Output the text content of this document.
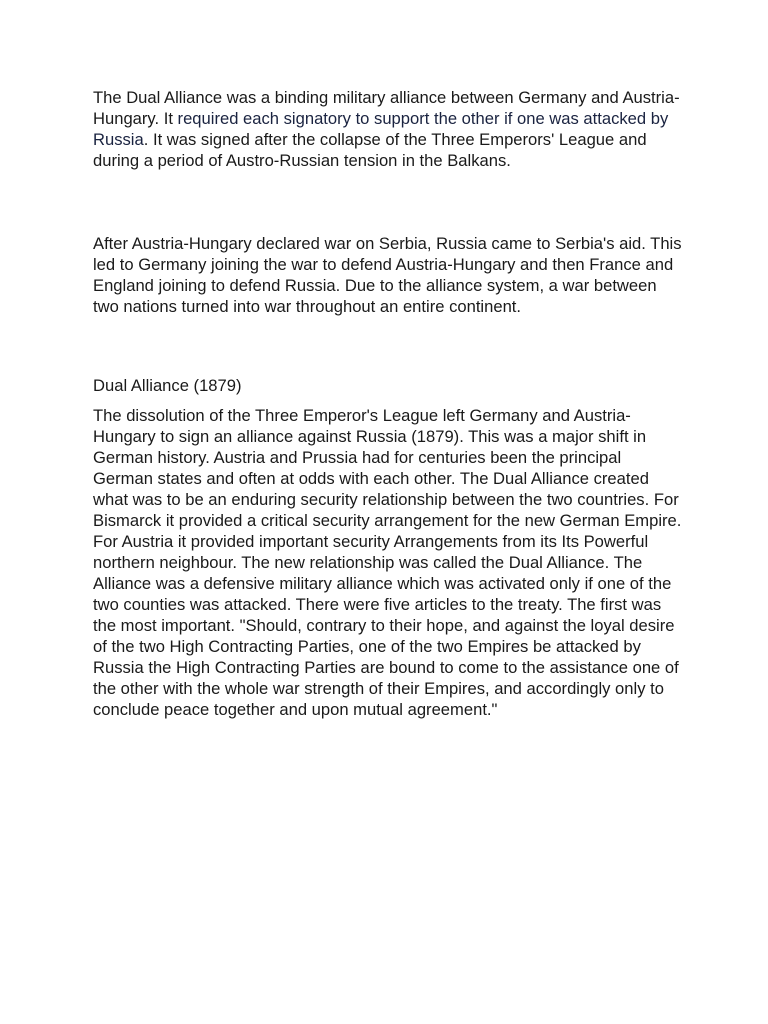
The Dual Alliance was a binding military alliance between Germany and Austria-Hungary. It required each signatory to support the other if one was attacked by Russia. It was signed after the collapse of the Three Emperors' League and during a period of Austro-Russian tension in the Balkans.

After Austria-Hungary declared war on Serbia, Russia came to Serbia's aid. This led to Germany joining the war to defend Austria-Hungary and then France and England joining to defend Russia. Due to the alliance system, a war between two nations turned into war throughout an entire continent.

Dual Alliance (1879)

The dissolution of the Three Emperor's League left Germany and Austria-Hungary to sign an alliance against Russia (1879). This was a major shift in German history. Austria and Prussia had for centuries been the principal German states and often at odds with each other. The Dual Alliance created what was to be an enduring security relationship between the two countries. For Bismarck it provided a critical security arrangement for the new German Empire. For Austria it provided important security Arrangements from its Its Powerful northern neighbour. The new relationship was called the Dual Alliance. The Alliance was a defensive military alliance which was activated only if one of the two counties was attacked. There were five articles to the treaty. The first was the most important. "Should, contrary to their hope, and against the loyal desire of the two High Contracting Parties, one of the two Empires be attacked by Russia the High Contracting Parties are bound to come to the assistance one of the other with the whole war strength of their Empires, and accordingly only to conclude peace together and upon mutual agreement."
